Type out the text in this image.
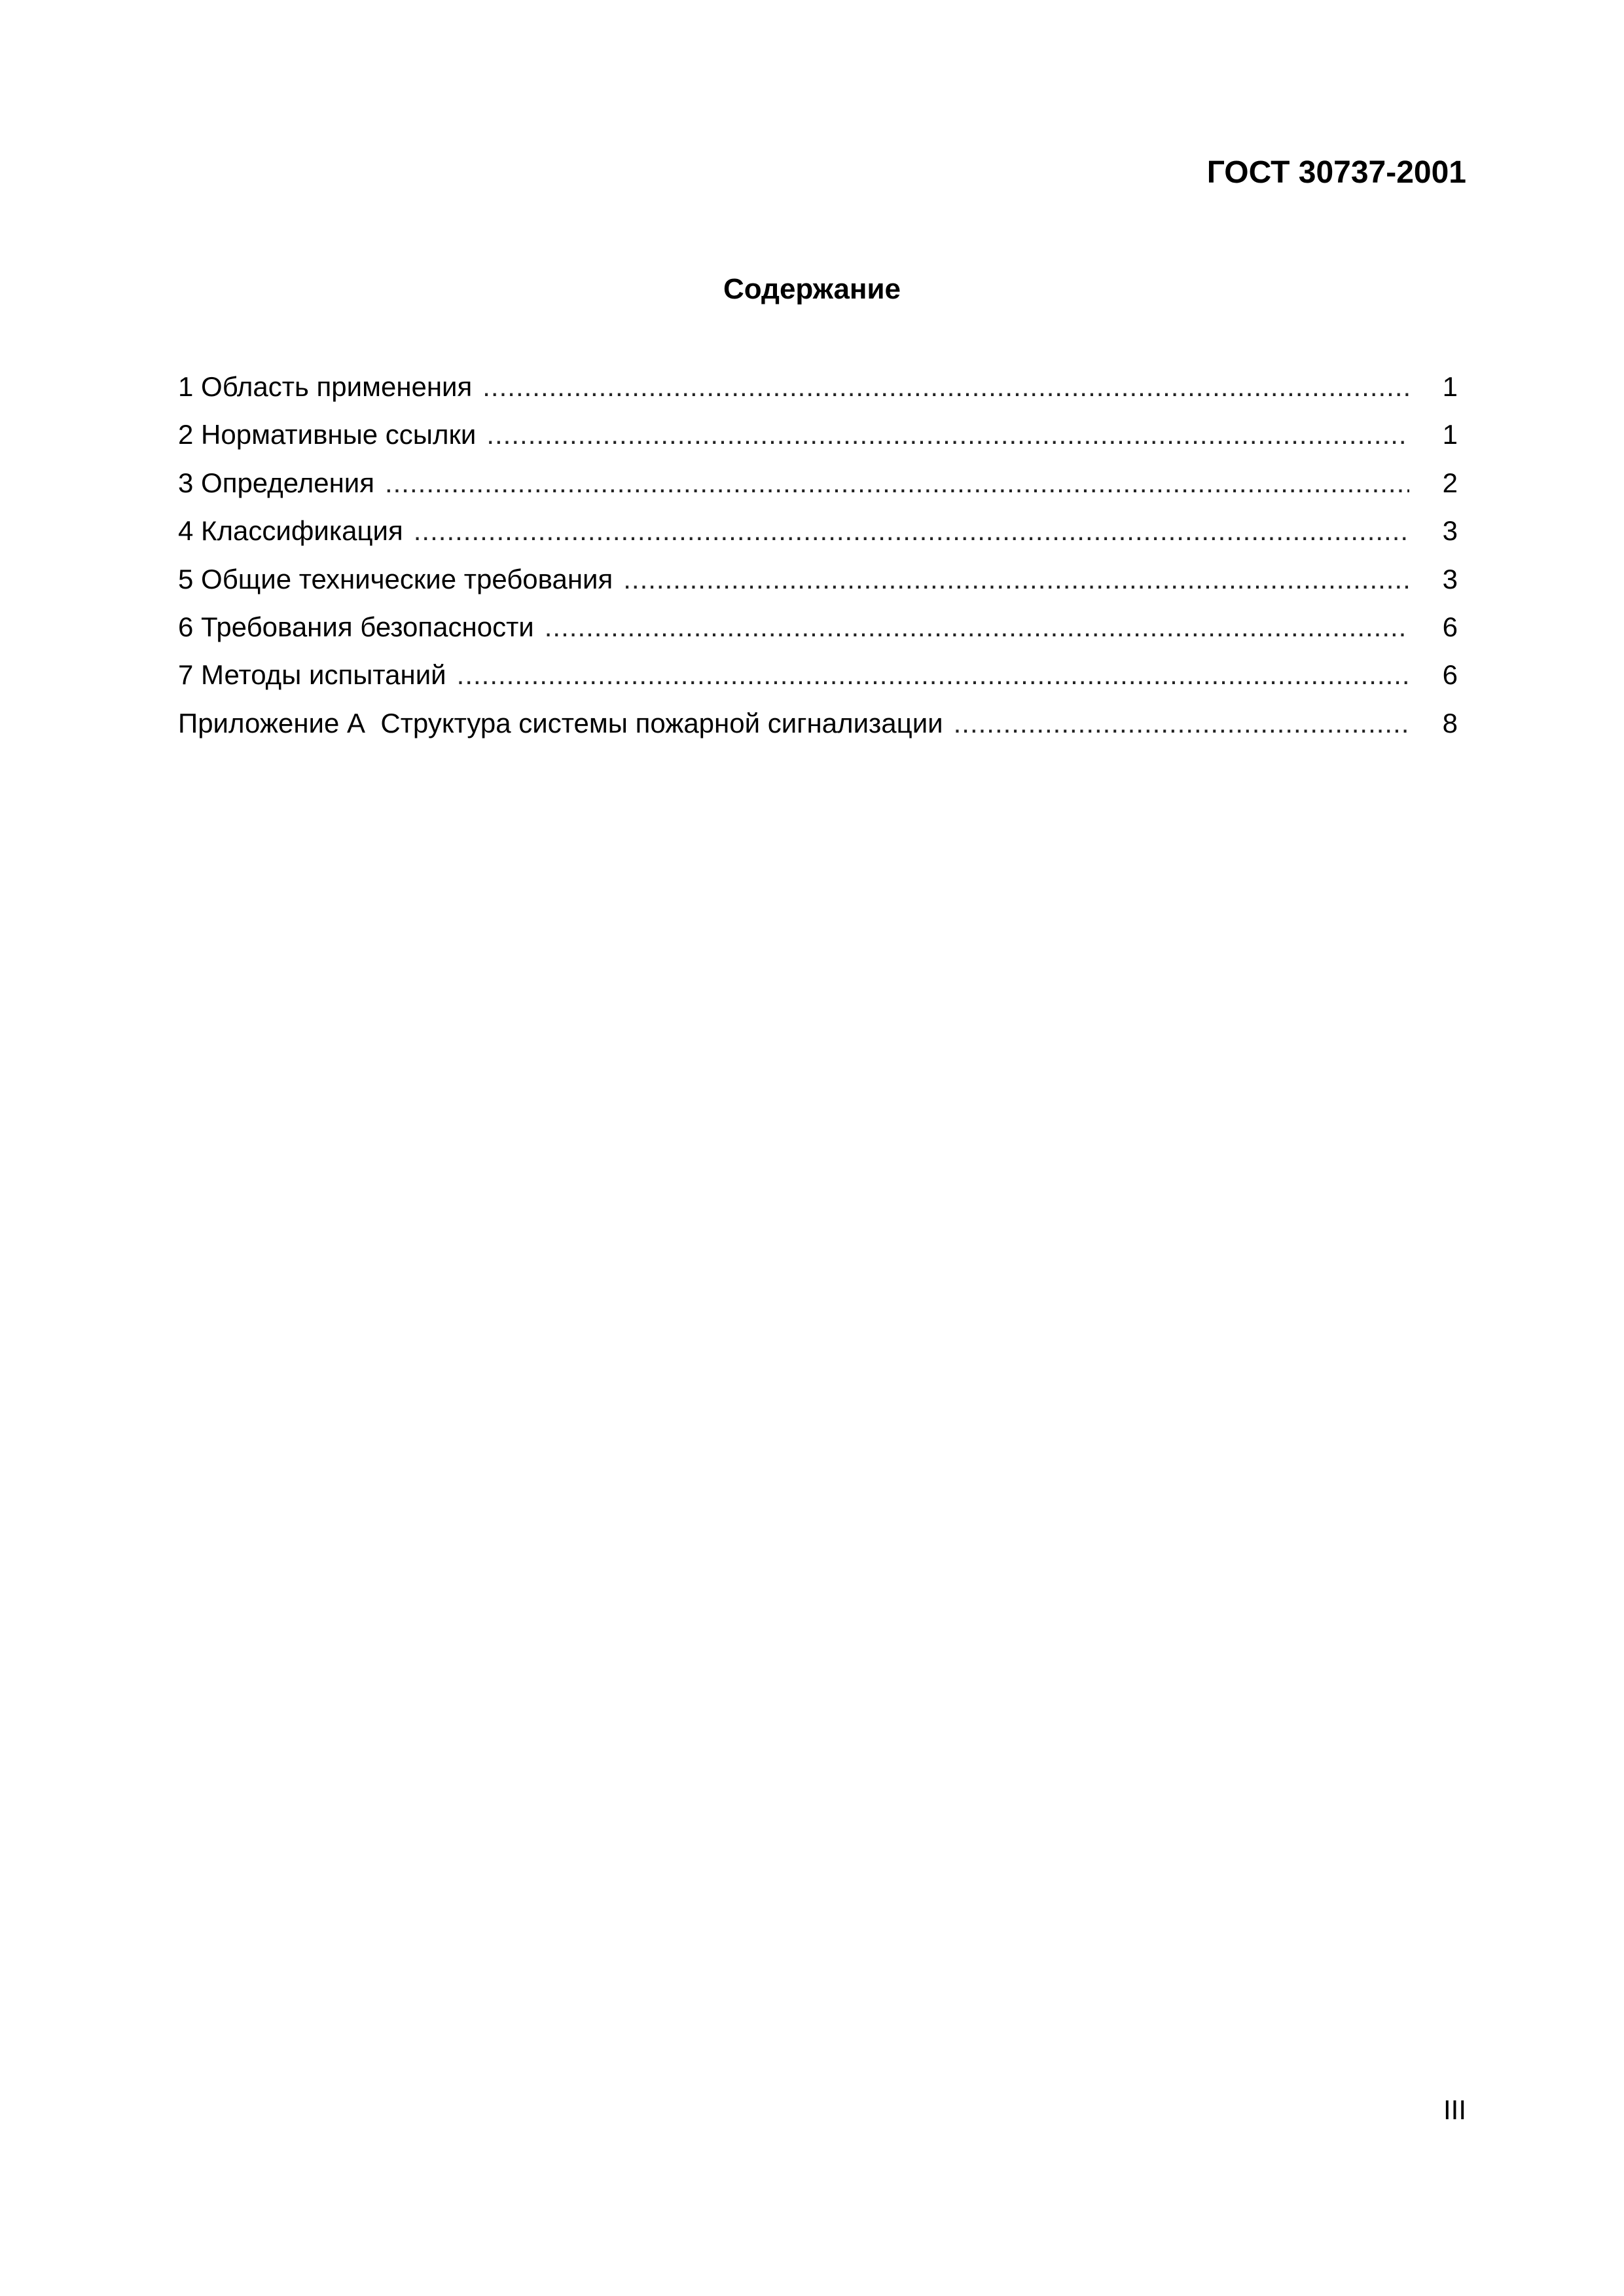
ГОСТ 30737-2001
Содержание
1 Область применения .....	1
2 Нормативные ссылки .....	1
3 Определения .....	2
4 Классификация .....	3
5 Общие технические требования .....	3
6 Требования безопасности .....	6
7 Методы испытаний .....	6
Приложение А  Структура системы пожарной сигнализации .....	8
III
